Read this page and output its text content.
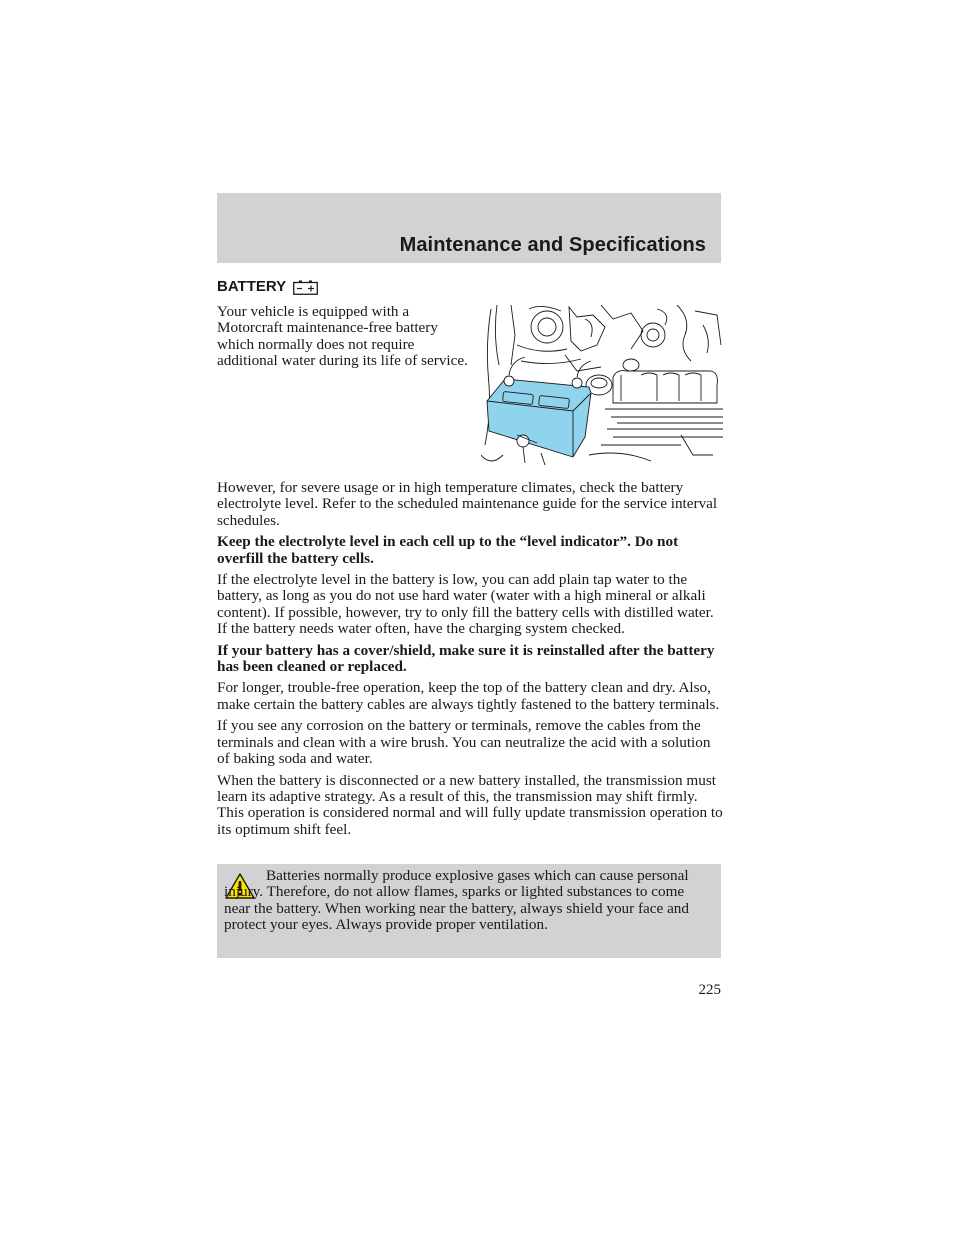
Maintenance and Specifications
BATTERY
Your vehicle is equipped with a Motorcraft maintenance-free battery which normally does not require additional water during its life of service.

However, for severe usage or in high temperature climates, check the battery electrolyte level. Refer to the scheduled maintenance guide for the service interval schedules.

Keep the electrolyte level in each cell up to the “level indicator”. Do not overfill the battery cells.

If the electrolyte level in the battery is low, you can add plain tap water to the battery, as long as you do not use hard water (water with a high mineral or alkali content). If possible, however, try to only fill the battery cells with distilled water. If the battery needs water often, have the charging system checked.

If your battery has a cover/shield, make sure it is reinstalled after the battery has been cleaned or replaced.

For longer, trouble-free operation, keep the top of the battery clean and dry. Also, make certain the battery cables are always tightly fastened to the battery terminals.

If you see any corrosion on the battery or terminals, remove the cables from the terminals and clean with a wire brush. You can neutralize the acid with a solution of baking soda and water.

When the battery is disconnected or a new battery installed, the transmission must learn its adaptive strategy. As a result of this, the transmission may shift firmly. This operation is considered normal and will fully update transmission operation to its optimum shift feel.

Batteries normally produce explosive gases which can cause personal injury. Therefore, do not allow flames, sparks or lighted substances to come near the battery. When working near the battery, always shield your face and protect your eyes. Always provide proper ventilation.
225
